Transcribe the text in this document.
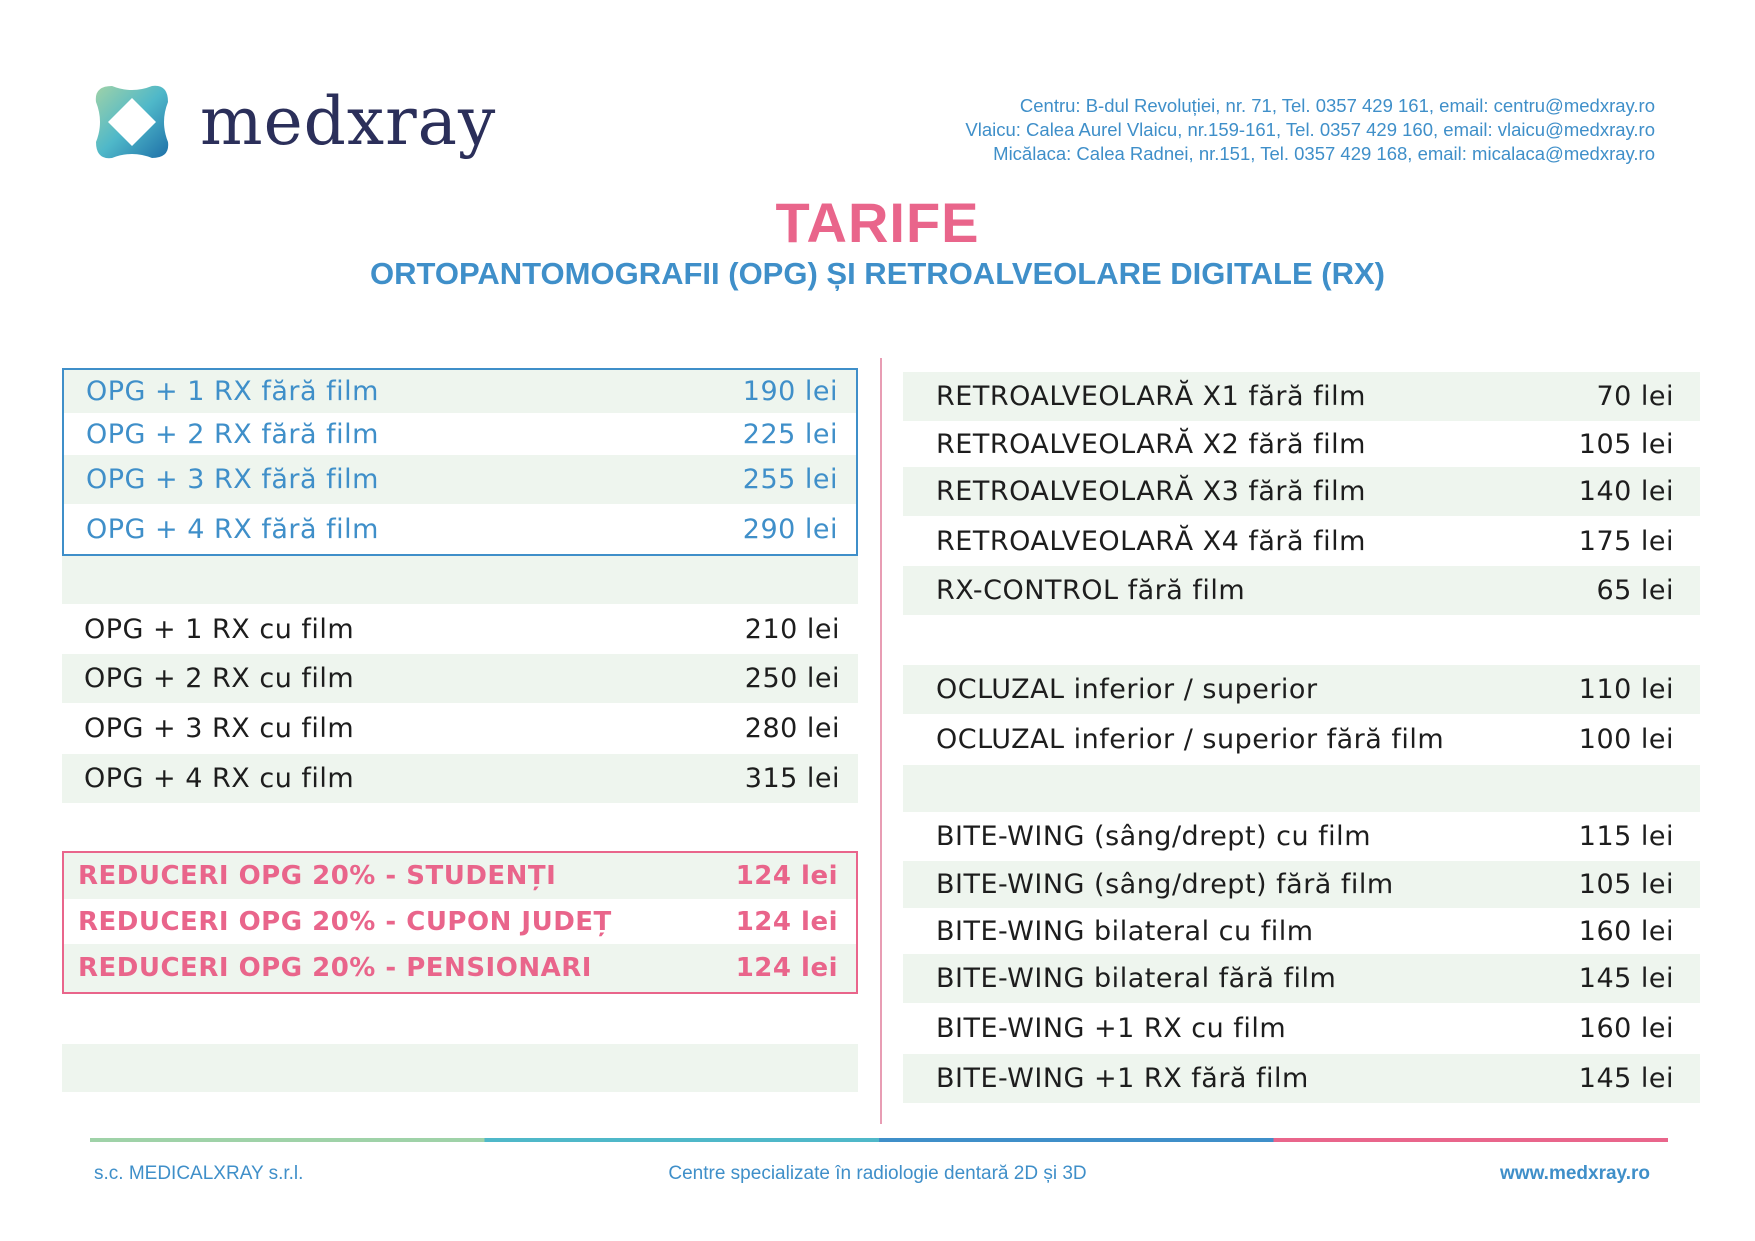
medxray	Centru: B-dul Revoluției, nr. 71, Tel. 0357 429 161, email: centru@medxray.ro
Vlaicu: Calea Aurel Vlaicu, nr.159-161, Tel. 0357 429 160, email: vlaicu@medxray.ro
Micălaca: Calea Radnei, nr.151, Tel. 0357 429 168, email: micalaca@medxray.ro
TARIFE
ORTOPANTOMOGRAFII (OPG) ȘI RETROALVEOLARE DIGITALE (RX)
OPG + 1 RX fără film	190 lei
OPG + 2 RX fără film	225 lei
OPG + 3 RX fără film	255 lei
OPG + 4 RX fără film	290 lei
OPG + 1 RX cu film	210 lei
OPG + 2 RX cu film	250 lei
OPG + 3 RX cu film	280 lei
OPG + 4 RX cu film	315 lei
REDUCERI OPG 20% - STUDENȚI	124 lei
REDUCERI OPG 20% - CUPON JUDEȚ	124 lei
REDUCERI OPG 20% - PENSIONARI	124 lei
RETROALVEOLARĂ X1 fără film	70 lei
RETROALVEOLARĂ X2 fără film	105 lei
RETROALVEOLARĂ X3 fără film	140 lei
RETROALVEOLARĂ X4 fără film	175 lei
RX-CONTROL fără film	65 lei
OCLUZAL inferior / superior	110 lei
OCLUZAL inferior / superior fără film	100 lei
BITE-WING (sâng/drept) cu film	115 lei
BITE-WING (sâng/drept) fără film	105 lei
BITE-WING bilateral cu film	160 lei
BITE-WING bilateral fără film	145 lei
BITE-WING +1 RX cu film	160 lei
BITE-WING +1 RX fără film	145 lei
s.c. MEDICALXRAY s.r.l.	Centre specializate în radiologie dentară 2D și 3D	www.medxray.ro
